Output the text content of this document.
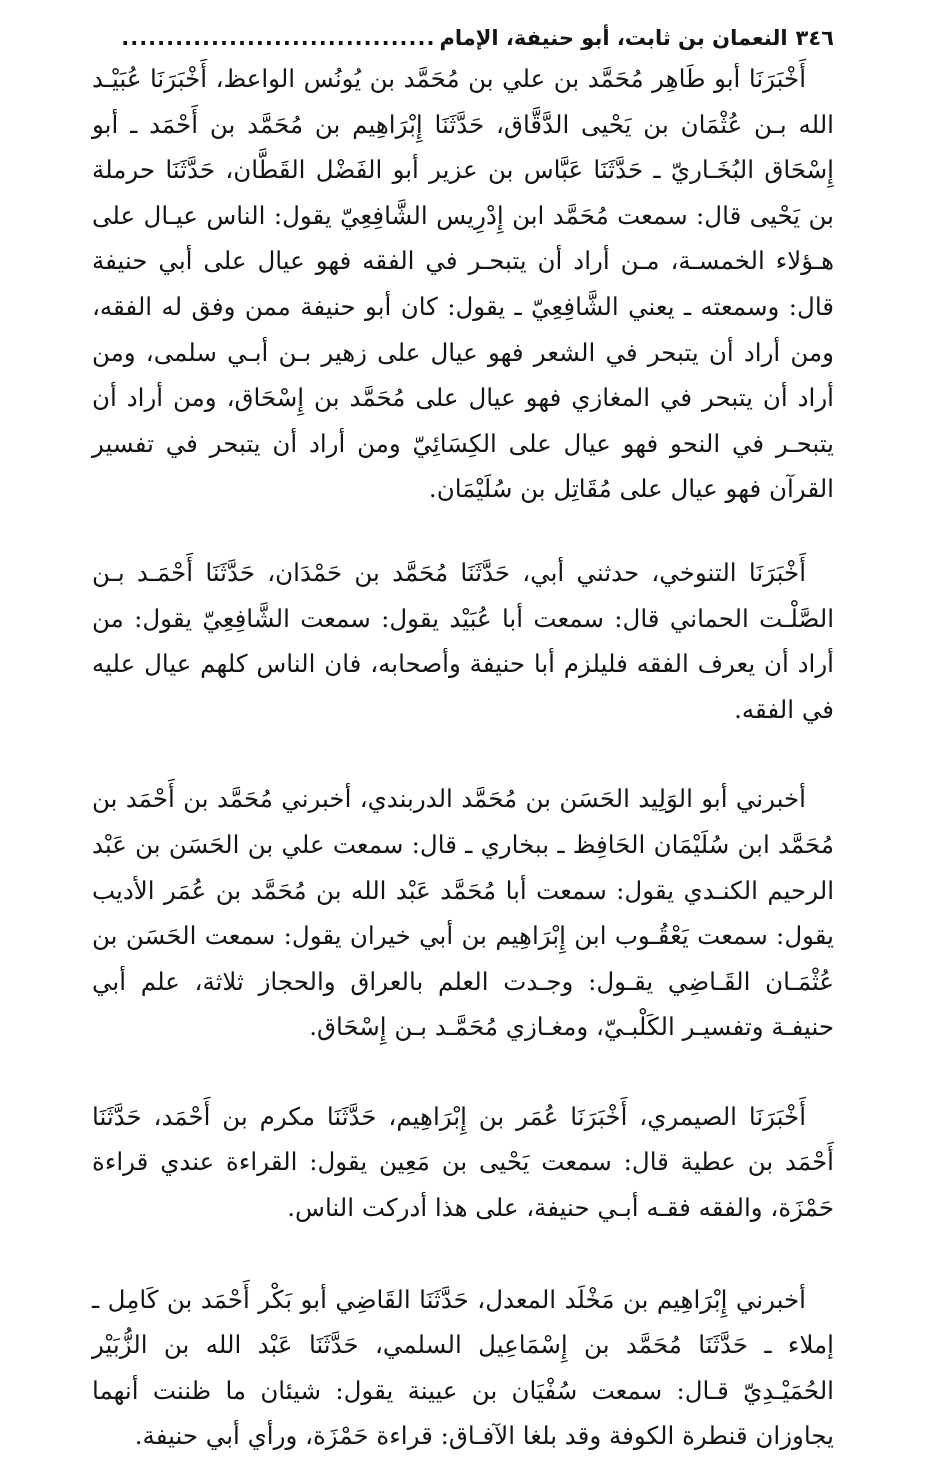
٣٤٦
النعمان بن ثابت، أبو حنيفة، الإمام
...................................

أَخْبَرَنَا أبو طَاهِر مُحَمَّد بن علي بن مُحَمَّد بن يُونُس الواعظ، أَخْبَرَنَا عُبَيْـد الله بـن عُثْمَان بن يَحْيى الدَّقَّاق، حَدَّثَنَا إِبْرَاهِيم بن مُحَمَّد بن أَحْمَد ـ أبو إِسْحَاق البُخَـاريّ ـ حَدَّثَنَا عَبَّاس بن عزير أبو الفَضْل القَطَّان، حَدَّثَنَا حرملة بن يَحْيى قال: سمعت مُحَمَّد ابن إِدْرِيس الشَّافِعِيّ يقول: الناس عيـال على هـؤلاء الخمسـة، مـن أراد أن يتبحـر في الفقه فهو عيال على أبي حنيفة قال: وسمعته ـ يعني الشَّافِعِيّ ـ يقول: كان أبو حنيفة ممن وفق له الفقه، ومن أراد أن يتبحر في الشعر فهو عيال على زهير بـن أبـي سلمى، ومن أراد أن يتبحر في المغازي فهو عيال على مُحَمَّد بن إِسْحَاق، ومن أراد أن يتبحـر في النحو فهو عيال على الكِسَائِيّ ومن أراد أن يتبحر في تفسير القرآن فهو عيال على مُقَاتِل بن سُلَيْمَان.

أَخْبَرَنَا التنوخي، حدثني أبي، حَدَّثَنَا مُحَمَّد بن حَمْدَان، حَدَّثَنَا أَحْمَـد بـن الصَّلْـت الحماني قال: سمعت أبا عُبَيْد يقول: سمعت الشَّافِعِيّ يقول: من أراد أن يعرف الفقه فليلزم أبا حنيفة وأصحابه، فان الناس كلهم عيال عليه في الفقه.

أخبرني أبو الوَلِيد الحَسَن بن مُحَمَّد الدربندي، أخبرني مُحَمَّد بن أَحْمَد بن مُحَمَّد ابن سُلَيْمَان الحَافِظ ـ ببخاري ـ قال: سمعت علي بن الحَسَن بن عَبْد الرحيم الكنـدي يقول: سمعت أبا مُحَمَّد عَبْد الله بن مُحَمَّد بن عُمَر الأديب يقول: سمعت يَعْقُـوب ابن إِبْرَاهِيم بن أبي خيران يقول: سمعت الحَسَن بن عُثْمَـان القَـاضِي يقـول: وجـدت العلم بالعراق والحجاز ثلاثة، علم أبي حنيفـة وتفسيـر الكَلْبـيّ، ومغـازي مُحَمَّـد بـن إِسْحَاق.

أَخْبَرَنَا الصيمري، أَخْبَرَنَا عُمَر بن إِبْرَاهِيم، حَدَّثَنَا مكرم بن أَحْمَد، حَدَّثَنَا أَحْمَد بن عطية قال: سمعت يَحْيى بن مَعِين يقول: القراءة عندي قراءة حَمْزَة، والفقه فقـه أبـي حنيفة، على هذا أدركت الناس.

أخبرني إِبْرَاهِيم بن مَخْلَد المعدل، حَدَّثَنَا القَاضِي أبو بَكْر أَحْمَد بن كَامِل ـ إملاء ـ حَدَّثَنَا مُحَمَّد بن إِسْمَاعِيل السلمي، حَدَّثَنَا عَبْد الله بن الزُّبَيْر الحُمَيْـدِيّ قـال: سمعت سُفْيَان بن عيينة يقول: شيئان ما ظننت أنهما يجاوزان قنطرة الكوفة وقد بلغا الآفـاق: قراءة حَمْزَة، ورأي أبي حنيفة.
